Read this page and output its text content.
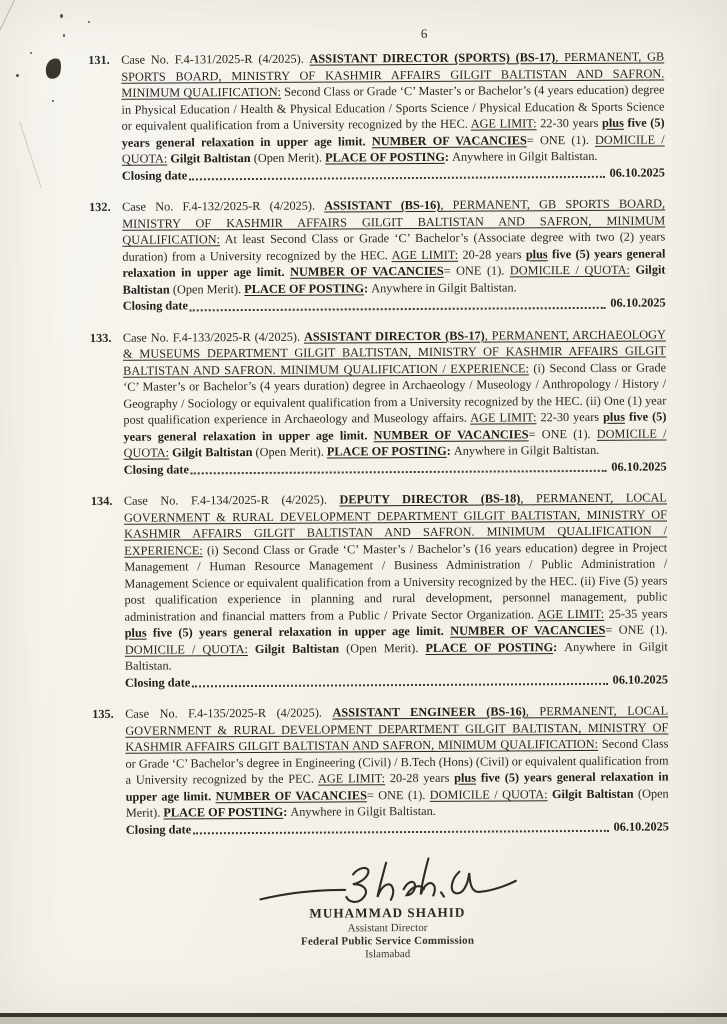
6
131. Case No. F.4-131/2025-R (4/2025). ASSISTANT DIRECTOR (SPORTS) (BS-17), PERMANENT, GB SPORTS BOARD, MINISTRY OF KASHMIR AFFAIRS GILGIT BALTISTAN AND SAFRON. MINIMUM QUALIFICATION: Second Class or Grade ‘C’ Master’s or Bachelor’s (4 years education) degree in Physical Education / Health & Physical Education / Sports Science / Physical Education & Sports Science or equivalent qualification from a University recognized by the HEC. AGE LIMIT: 22-30 years plus five (5) years general relaxation in upper age limit. NUMBER OF VACANCIES= ONE (1). DOMICILE / QUOTA: Gilgit Baltistan (Open Merit). PLACE OF POSTING: Anywhere in Gilgit Baltistan.

Closing date	06.10.2025
132. Case No. F.4-132/2025-R (4/2025). ASSISTANT (BS-16), PERMANENT, GB SPORTS BOARD, MINISTRY OF KASHMIR AFFAIRS GILGIT BALTISTAN AND SAFRON, MINIMUM QUALIFICATION: At least Second Class or Grade ‘C’ Bachelor’s (Associate degree with two (2) years duration) from a University recognized by the HEC. AGE LIMIT: 20-28 years plus five (5) years general relaxation in upper age limit. NUMBER OF VACANCIES= ONE (1). DOMICILE / QUOTA: Gilgit Baltistan (Open Merit). PLACE OF POSTING: Anywhere in Gilgit Baltistan.

Closing date	06.10.2025
133. Case No. F.4-133/2025-R (4/2025). ASSISTANT DIRECTOR (BS-17), PERMANENT, ARCHAEOLOGY & MUSEUMS DEPARTMENT GILGIT BALTISTAN, MINISTRY OF KASHMIR AFFAIRS GILGIT BALTISTAN AND SAFRON. MINIMUM QUALIFICATION / EXPERIENCE: (i) Second Class or Grade ‘C’ Master’s or Bachelor’s (4 years duration) degree in Archaeology / Museology / Anthropology / History / Geography / Sociology or equivalent qualification from a University recognized by the HEC. (ii) One (1) year post qualification experience in Archaeology and Museology affairs. AGE LIMIT: 22-30 years plus five (5) years general relaxation in upper age limit. NUMBER OF VACANCIES= ONE (1). DOMICILE / QUOTA: Gilgit Baltistan (Open Merit). PLACE OF POSTING: Anywhere in Gilgit Baltistan.

Closing date	06.10.2025
134. Case No. F.4-134/2025-R (4/2025). DEPUTY DIRECTOR (BS-18), PERMANENT, LOCAL GOVERNMENT & RURAL DEVELOPMENT DEPARTMENT GILGIT BALTISTAN, MINISTRY OF KASHMIR AFFAIRS GILGIT BALTISTAN AND SAFRON. MINIMUM QUALIFICATION / EXPERIENCE: (i) Second Class or Grade ‘C’ Master’s / Bachelor’s (16 years education) degree in Project Management / Human Resource Management / Business Administration / Public Administration / Management Science or equivalent qualification from a University recognized by the HEC. (ii) Five (5) years post qualification experience in planning and rural development, personnel management, public administration and financial matters from a Public / Private Sector Organization. AGE LIMIT: 25-35 years plus five (5) years general relaxation in upper age limit. NUMBER OF VACANCIES= ONE (1). DOMICILE / QUOTA: Gilgit Baltistan (Open Merit). PLACE OF POSTING: Anywhere in Gilgit Baltistan.

Closing date	06.10.2025
135. Case No. F.4-135/2025-R (4/2025). ASSISTANT ENGINEER (BS-16), PERMANENT, LOCAL GOVERNMENT & RURAL DEVELOPMENT DEPARTMENT GILGIT BALTISTAN, MINISTRY OF KASHMIR AFFAIRS GILGIT BALTISTAN AND SAFRON, MINIMUM QUALIFICATION: Second Class or Grade ‘C’ Bachelor’s degree in Engineering (Civil) / B.Tech (Hons) (Civil) or equivalent qualification from a University recognized by the PEC. AGE LIMIT: 20-28 years plus five (5) years general relaxation in upper age limit. NUMBER OF VACANCIES= ONE (1). DOMICILE / QUOTA: Gilgit Baltistan (Open Merit). PLACE OF POSTING: Anywhere in Gilgit Baltistan.

Closing date	06.10.2025

MUHAMMAD SHAHID

Assistant Director

Federal Public Service Commission

Islamabad
